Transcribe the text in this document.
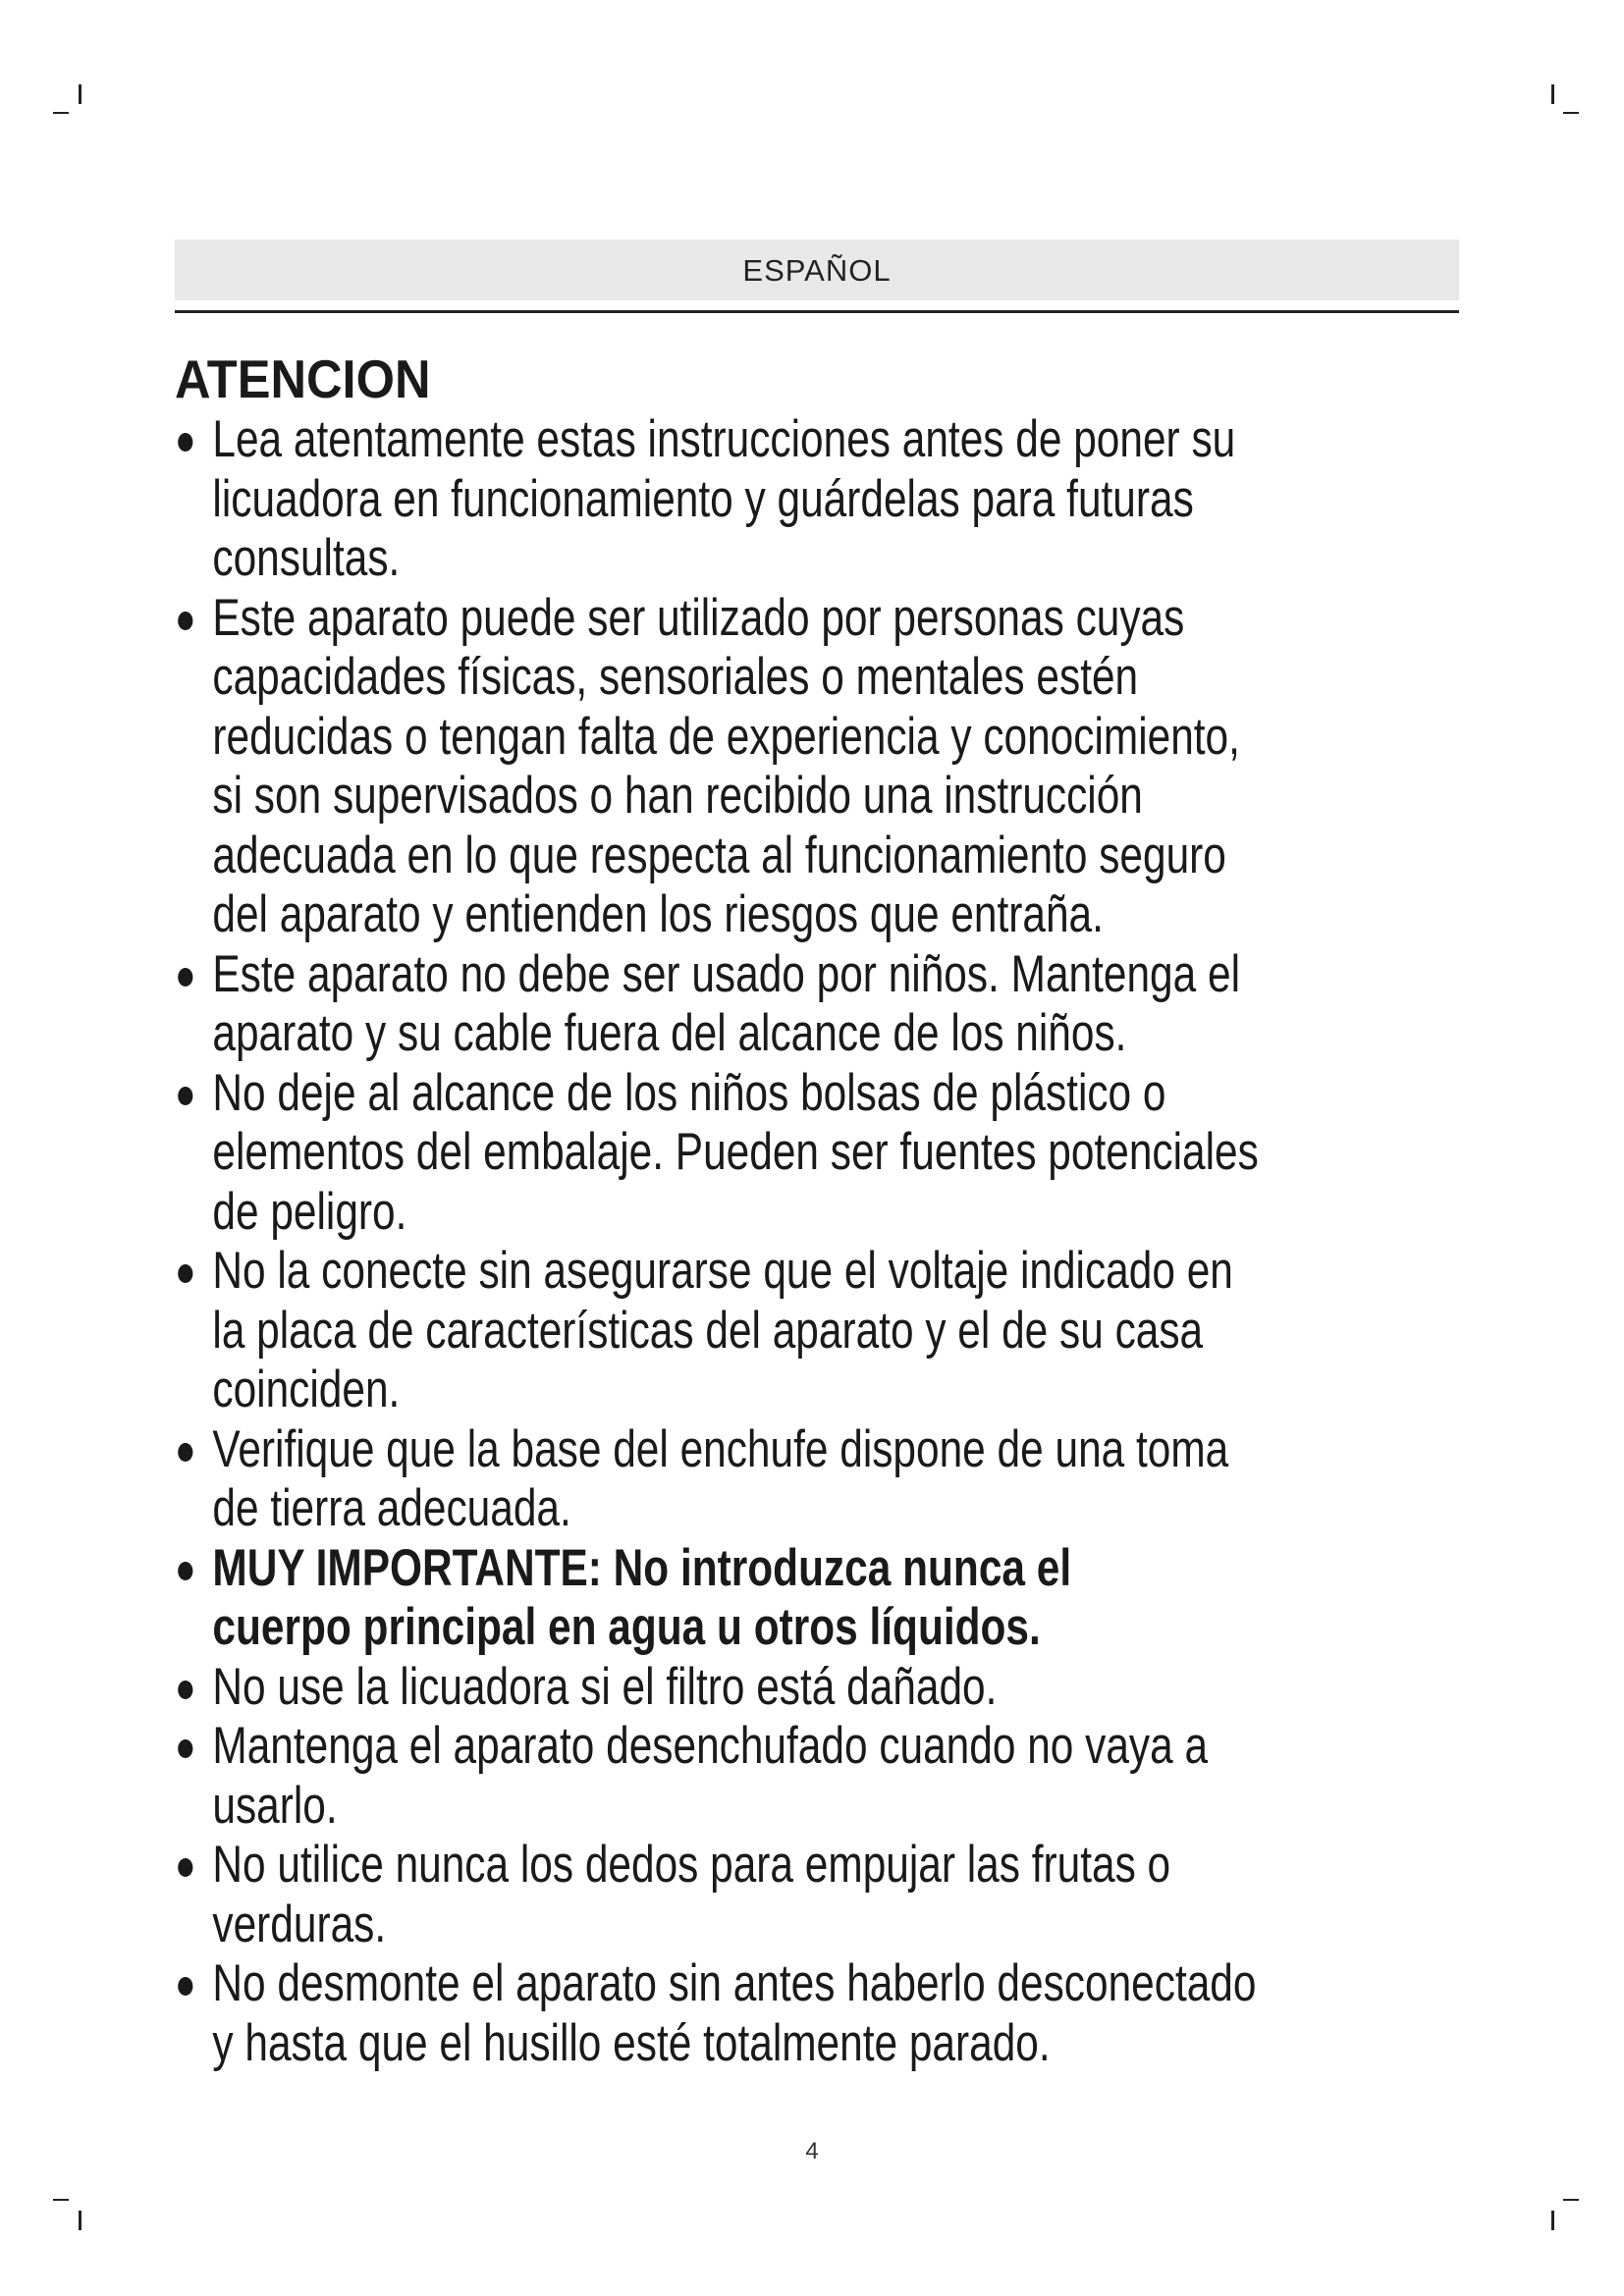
ESPAÑOL
ATENCION
Lea atentamente estas instrucciones antes de poner su
licuadora en funcionamiento y guárdelas para futuras
consultas.
Este aparato puede ser utilizado por personas cuyas
capacidades físicas, sensoriales o mentales estén
reducidas o tengan falta de experiencia y conocimiento,
si son supervisados o han recibido una instrucción
adecuada en lo que respecta al funcionamiento seguro
del aparato y entienden los riesgos que entraña.
Este aparato no debe ser usado por niños. Mantenga el
aparato y su cable fuera del alcance de los niños.
No deje al alcance de los niños bolsas de plástico o
elementos del embalaje. Pueden ser fuentes potenciales
de peligro.
No la conecte sin asegurarse que el voltaje indicado en
la placa de características del aparato y el de su casa
coinciden.
Verifique que la base del enchufe dispone de una toma
de tierra adecuada.
MUY IMPORTANTE: No introduzca nunca el
cuerpo principal en agua u otros líquidos.
No use la licuadora si el filtro está dañado.
Mantenga el aparato desenchufado cuando no vaya a
usarlo.
No utilice nunca los dedos para empujar las frutas o
verduras.
No desmonte el aparato sin antes haberlo desconectado
y hasta que el husillo esté totalmente parado.
4
